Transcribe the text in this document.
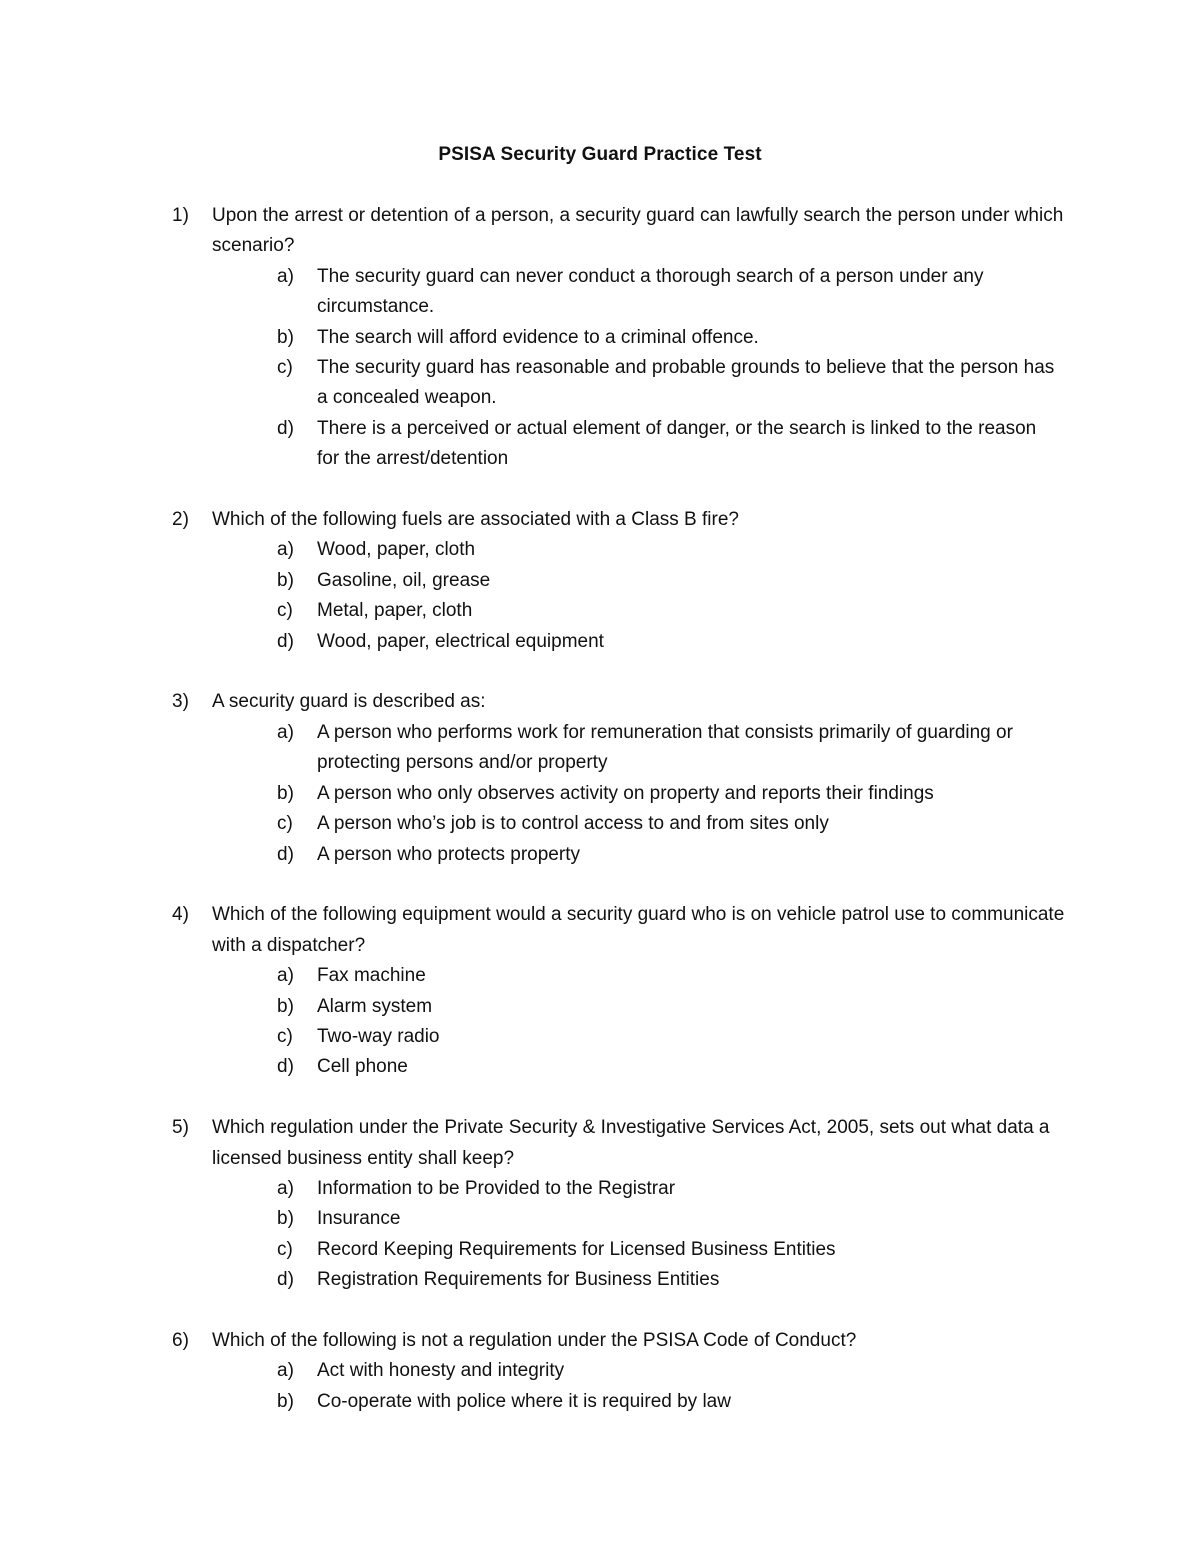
PSISA Security Guard Practice Test
1)	Upon the arrest or detention of a person, a security guard can lawfully search the person under which scenario?
a)	The security guard can never conduct a thorough search of a person under any circumstance.
b)	The search will afford evidence to a criminal offence.
c)	The security guard has reasonable and probable grounds to believe that the person has a concealed weapon.
d)	There is a perceived or actual element of danger, or the search is linked to the reason for the arrest/detention
2)	Which of the following fuels are associated with a Class B fire?
a)	Wood, paper, cloth
b)	Gasoline, oil, grease
c)	Metal, paper, cloth
d)	Wood, paper, electrical equipment
3)	A security guard is described as:
a)	A person who performs work for remuneration that consists primarily of guarding or protecting persons and/or property
b)	A person who only observes activity on property and reports their findings
c)	A person who’s job is to control access to and from sites only
d)	A person who protects property
4)	Which of the following equipment would a security guard who is on vehicle patrol use to communicate with a dispatcher?
a)	Fax machine
b)	Alarm system
c)	Two-way radio
d)	Cell phone
5)	Which regulation under the Private Security & Investigative Services Act, 2005, sets out what data a licensed business entity shall keep?
a)	Information to be Provided to the Registrar
b)	Insurance
c)	Record Keeping Requirements for Licensed Business Entities
d)	Registration Requirements for Business Entities
6)	Which of the following is not a regulation under the PSISA Code of Conduct?
a)	Act with honesty and integrity
b)	Co-operate with police where it is required by law
